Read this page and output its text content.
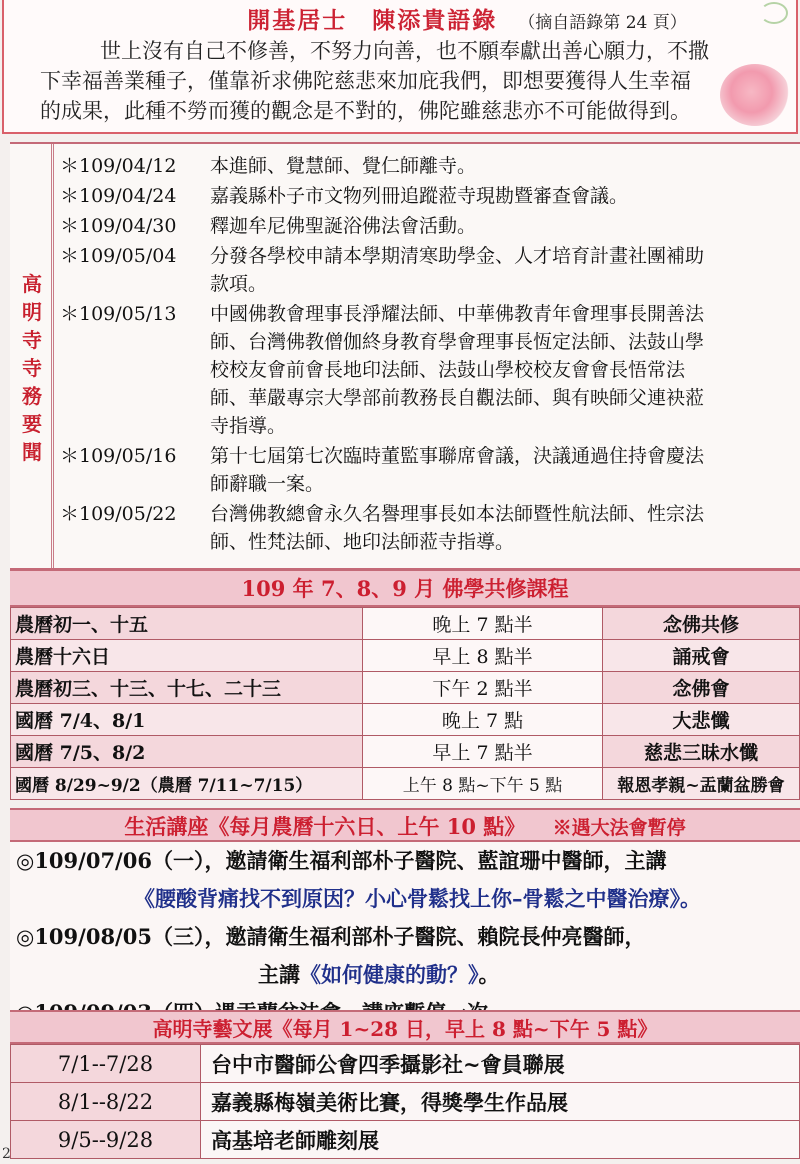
開基居士　陳添貴語錄 （摘自語錄第 24 頁）

世上沒有自己不修善，不努力向善，也不願奉獻出善心願力，不撒

下幸福善業種子，僅靠祈求佛陀慈悲來加庇我們，即想要獲得人生幸福

的成果，此種不勞而獲的觀念是不對的，佛陀雖慈悲亦不可能做得到。

高
明
寺
寺
務
要
聞
＊109/04/12	本進師、覺慧師、覺仁師離寺。
＊109/04/24	嘉義縣朴子市文物列冊追蹤蒞寺現勘暨審查會議。
＊109/04/30	釋迦牟尼佛聖誕浴佛法會活動。
＊109/05/04	分發各學校申請本學期清寒助學金、人才培育計畫社團補助
款項。
＊109/05/13	中國佛教會理事長淨耀法師、中華佛教青年會理事長開善法
師、台灣佛教僧伽終身教育學會理事長恆定法師、法鼓山學
校校友會前會長地印法師、法鼓山學校校友會會長悟常法
師、華嚴專宗大學部前教務長自觀法師、與有映師父連袂蒞
寺指導。
＊109/05/16	第十七屆第七次臨時董監事聯席會議，決議通過住持會慶法
師辭職一案。
＊109/05/22	台灣佛教總會永久名譽理事長如本法師暨性航法師、性宗法
師、性梵法師、地印法師蒞寺指導。
109 年 7、8、9 月 佛學共修課程
農曆初一、十五	晚上 7 點半	念佛共修
農曆十六日	早上 8 點半	誦戒會
農曆初三、十三、十七、二十三	下午 2 點半	念佛會
國曆 7/4、8/1	晚上 7 點	大悲懺
國曆 7/5、8/2	早上 7 點半	慈悲三昧水懺
國曆 8/29~9/2（農曆 7/11~7/15）	上午 8 點~下午 5 點	報恩孝親~盂蘭盆勝會
生活講座《每月農曆十六日、上午 10 點》 ※遇大法會暫停
◎109/07/06（一），邀請衛生福利部朴子醫院、藍誼珊中醫師，主講
《腰酸背痛找不到原因？小心骨鬆找上你–骨鬆之中醫治療》。
◎109/08/05（三），邀請衛生福利部朴子醫院、賴院長仲亮醫師，
主講《如何健康的動？》。
高明寺藝文展《每月 1~28 日，早上 8 點~下午 5 點》
7/1--7/28	台中市醫師公會四季攝影社~會員聯展
8/1--8/22	嘉義縣梅嶺美術比賽，得獎學生作品展
9/5--9/28	高基培老師雕刻展
2
